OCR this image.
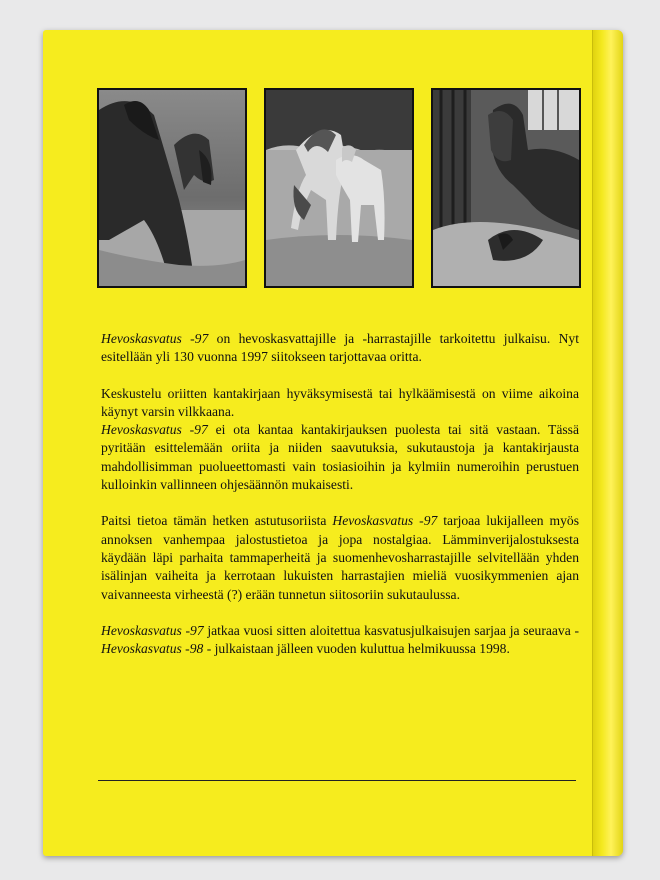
Hevoskasvatus -97 on hevoskasvattajille ja -harrastajille tarkoitettu julkaisu. Nyt esitellään yli 130 vuonna 1997 siitokseen tarjottavaa oritta.

Keskustelu oriitten kantakirjaan hyväksymisestä tai hylkäämisestä on viime aikoina käynyt varsin vilkkaana.

Hevoskasvatus -97 ei ota kantaa kantakirjauksen puolesta tai sitä vastaan. Tässä pyritään esittelemään oriita ja niiden saavutuksia, sukutaustoja ja kantakirjausta mahdollisimman puolueettomasti vain tosiasioihin ja kylmiin numeroihin perustuen kulloinkin vallinneen ohjesäännön mukaisesti.

Paitsi tietoa tämän hetken astutusoriista Hevoskasvatus -97 tarjoaa lukijalleen myös annoksen vanhempaa jalostustietoa ja jopa nostalgiaa. Lämminverijalostuksesta käydään läpi parhaita tammaperheitä ja suomenhevosharrastajille selvitellään yhden isälinjan vaiheita ja kerrotaan lukuisten harrastajien mieliä vuosikymmenien ajan vaivanneesta virheestä (?) erään tunnetun siitosoriin sukutaulussa.

Hevoskasvatus -97 jatkaa vuosi sitten aloitettua kasvatusjulkaisujen sarjaa ja seuraava - Hevoskasvatus -98 - julkaistaan jälleen vuoden kuluttua helmikuussa 1998.
